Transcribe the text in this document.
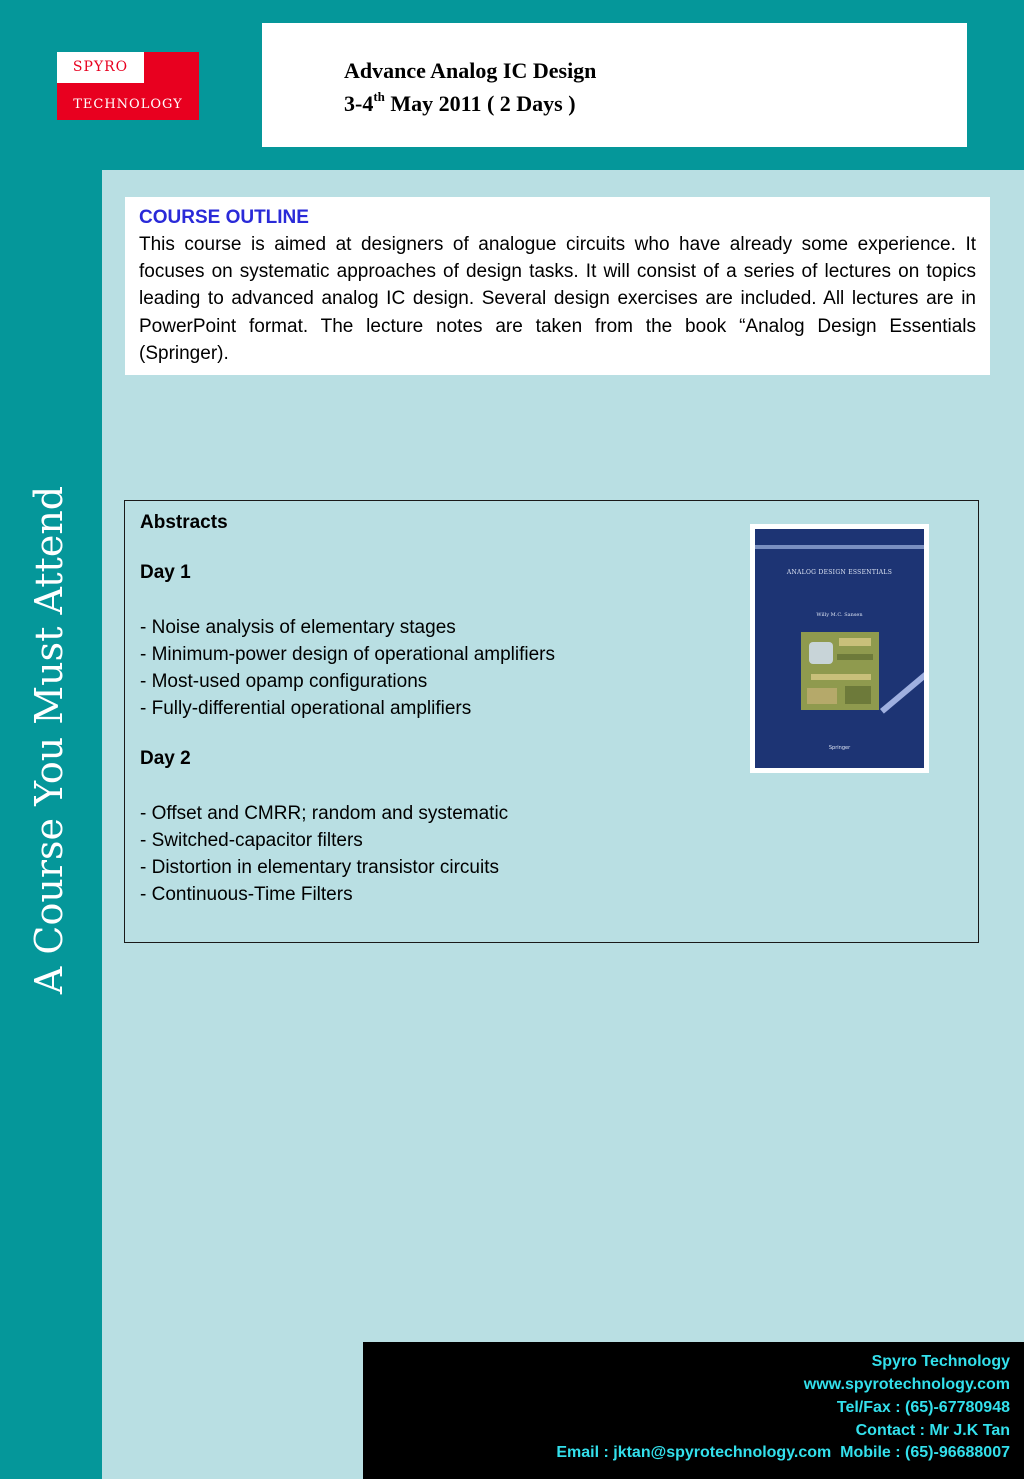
SPYRO
TECHNOLOGY
Advance Analog IC Design
3-4th May 2011 ( 2 Days )
COURSE OUTLINE
This course is aimed at designers of analogue circuits who have already some experience. It focuses on systematic approaches of design tasks. It will consist of a series of lectures on topics leading to advanced analog IC design. Several design exercises are included. All lectures are in PowerPoint format. The lecture notes are taken from the book “Analog Design Essentials (Springer).
A Course You Must Attend	Abstracts
Day 1
- Noise analysis of elementary stages
- Minimum-power design of operational amplifiers
- Most-used opamp configurations
- Fully-differential operational amplifiers
Day 2
- Offset and CMRR; random and systematic
- Switched-capacitor filters
- Distortion in elementary transistor circuits
- Continuous-Time Filters
ANALOG DESIGN ESSENTIALS
Willy M.C. Sansen
Springer
Spyro Technology
www.spyrotechnology.com
Tel/Fax : (65)-67780948
Contact : Mr J.K Tan
Email : jktan@spyrotechnology.com  Mobile : (65)-96688007
